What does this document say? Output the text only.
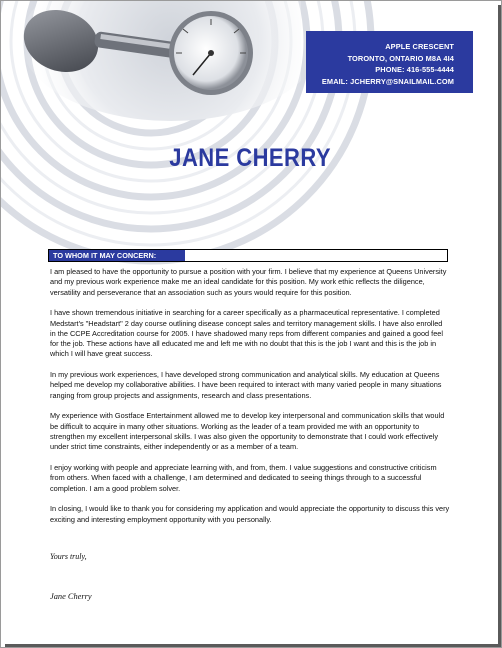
APPLE CRESCENT
TORONTO, ONTARIO M8A 4I4
PHONE: 416-555-4444
EMAIL: JCHERRY@SNAILMAIL.COM
JANE CHERRY
TO WHOM IT MAY CONCERN:

I am pleased to have the opportunity to pursue a position with your firm. I believe that my experience at Queens University and my previous work experience make me an ideal candidate for this position. My work ethic reflects the diligence, versatility and perseverance that an association such as yours would require for this position.

I have shown tremendous initiative in searching for a career specifically as a pharmaceutical representative. I completed Medstart's "Headstart" 2 day course outlining disease concept sales and territory management skills. I have also enrolled in the CCPE Accreditation course for 2005. I have shadowed many reps from different companies and gained a good feel for the job. These actions have all educated me and left me with no doubt that this is the job I want and this is the job in which I will have great success.

In my previous work experiences, I have developed strong communication and analytical skills. My education at Queens helped me develop my collaborative abilities. I have been required to interact with many varied people in many situations ranging from group projects and assignments, research and class presentations.

My experience with Gostface Entertainment allowed me to develop key interpersonal and communication skills that would be difficult to acquire in many other situations. Working as the leader of a team provided me with an opportunity to strengthen my excellent interpersonal skills. I was also given the opportunity to demonstrate that I could work effectively under strict time constraints, either independently or as a member of a team.

I enjoy working with people and appreciate learning with, and from, them. I value suggestions and constructive criticism from others. When faced with a challenge, I am determined and dedicated to seeing things through to a successful completion. I am a good problem solver.

In closing, I would like to thank you for considering my application and would appreciate the opportunity to discuss this very exciting and interesting employment opportunity with you personally.

Yours truly,
Jane Cherry
